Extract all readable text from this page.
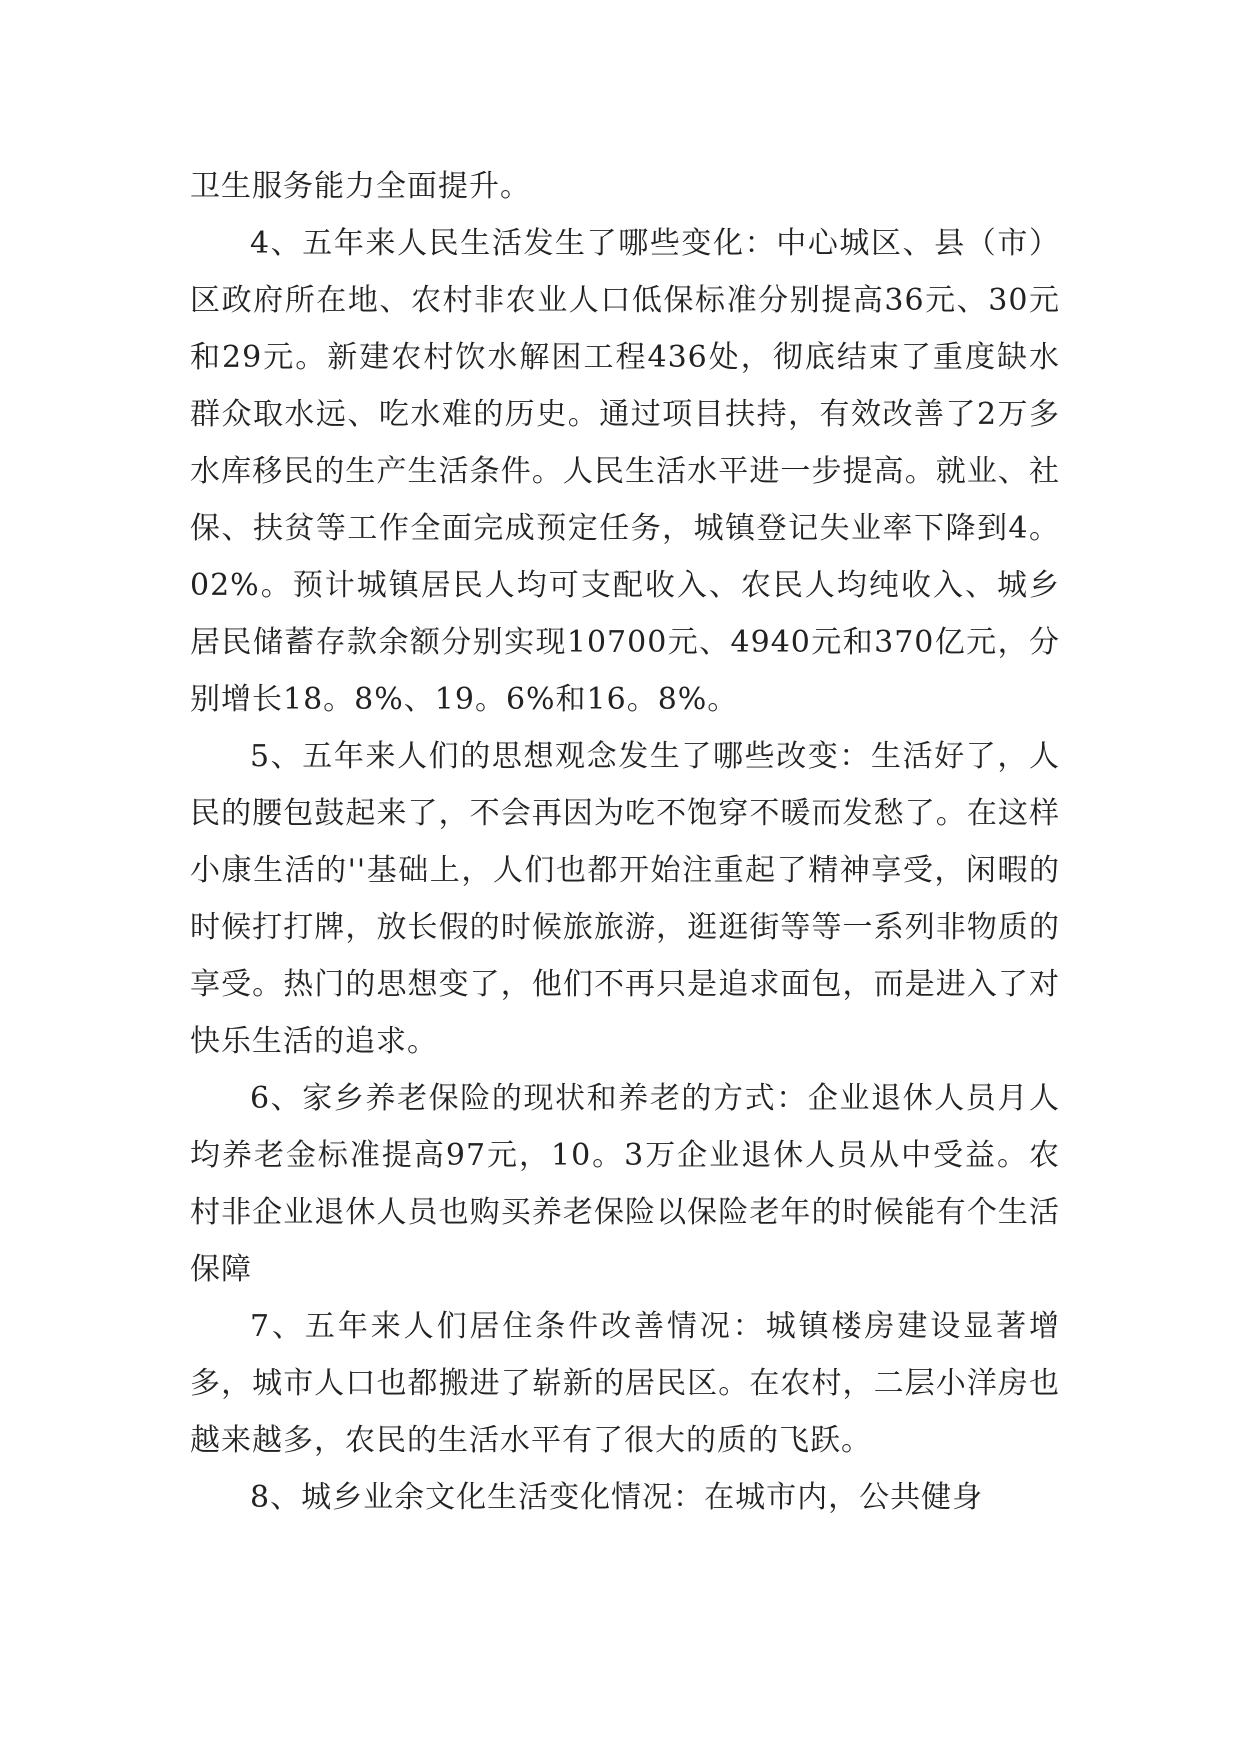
卫生服务能力全面提升。

4、五年来人民生活发生了哪些变化：中心城区、县（市）区政府所在地、农村非农业人口低保标准分别提高36元、30元和29元。新建农村饮水解困工程436处，彻底结束了重度缺水群众取水远、吃水难的历史。通过项目扶持，有效改善了2万多水库移民的生产生活条件。人民生活水平进一步提高。就业、社保、扶贫等工作全面完成预定任务，城镇登记失业率下降到4。02%。预计城镇居民人均可支配收入、农民人均纯收入、城乡居民储蓄存款余额分别实现10700元、4940元和370亿元，分别增长18。8%、19。6%和16。8%。

5、五年来人们的思想观念发生了哪些改变：生活好了，人民的腰包鼓起来了，不会再因为吃不饱穿不暖而发愁了。在这样小康生活的''基础上，人们也都开始注重起了精神享受，闲暇的时候打打牌，放长假的时候旅旅游，逛逛街等等一系列非物质的享受。热门的思想变了，他们不再只是追求面包，而是进入了对快乐生活的追求。

6、家乡养老保险的现状和养老的方式：企业退休人员月人均养老金标准提高97元，10。3万企业退休人员从中受益。农村非企业退休人员也购买养老保险以保险老年的时候能有个生活保障

7、五年来人们居住条件改善情况：城镇楼房建设显著增多，城市人口也都搬进了崭新的居民区。在农村，二层小洋房也越来越多，农民的生活水平有了很大的质的飞跃。

8、城乡业余文化生活变化情况：在城市内，公共健身
